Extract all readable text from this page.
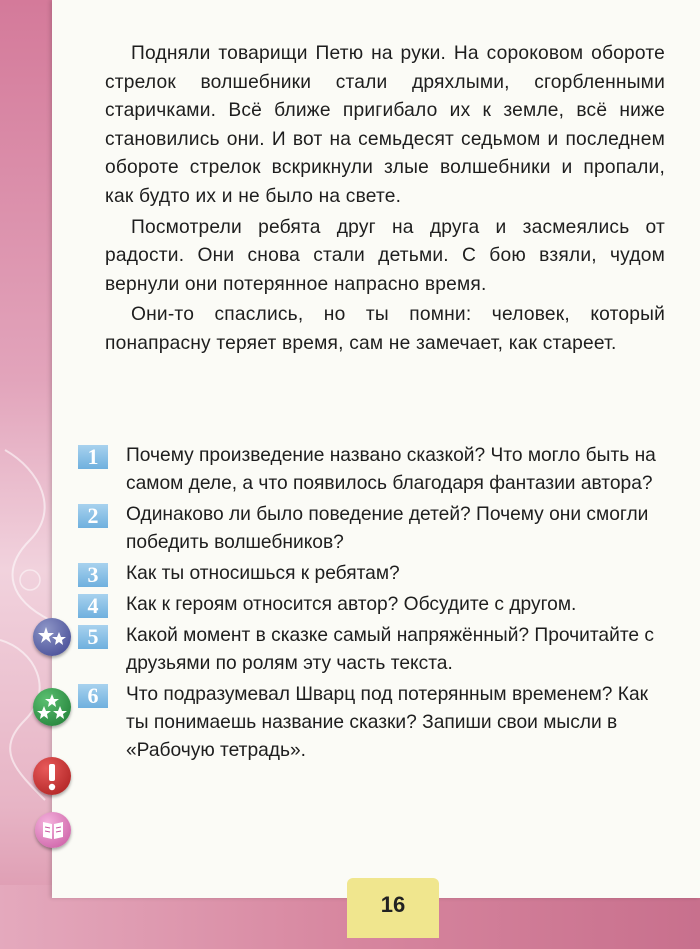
Подняли товарищи Петю на руки. На сороковом обороте стрелок волшебники стали дряхлыми, сгорбленными старичками. Всё ближе пригибало их к земле, всё ниже становились они. И вот на семьдесят седьмом и последнем обороте стрелок вскрикнули злые волшебники и пропали, как будто их и не было на свете.

Посмотрели ребята друг на друга и засмеялись от радости. Они снова стали детьми. С бою взяли, чудом вернули они потерянное напрасно время.

Они-то спаслись, но ты помни: человек, который понапрасну теряет время, сам не замечает, как стареет.

1	Почему произведение названо сказкой? Что могло быть на самом деле, а что появилось благодаря фантазии автора?
2	Одинаково ли было поведение детей? Почему они смогли победить волшебников?
3	Как ты относишься к ребятам?
4	Как к героям относится автор? Обсудите с другом.
5	Какой момент в сказке самый напряжённый? Прочитайте с друзьями по ролям эту часть текста.
6	Что подразумевал Шварц под потерянным временем? Как ты понимаешь название сказки? Запиши свои мысли в «Рабочую тетрадь».
16
